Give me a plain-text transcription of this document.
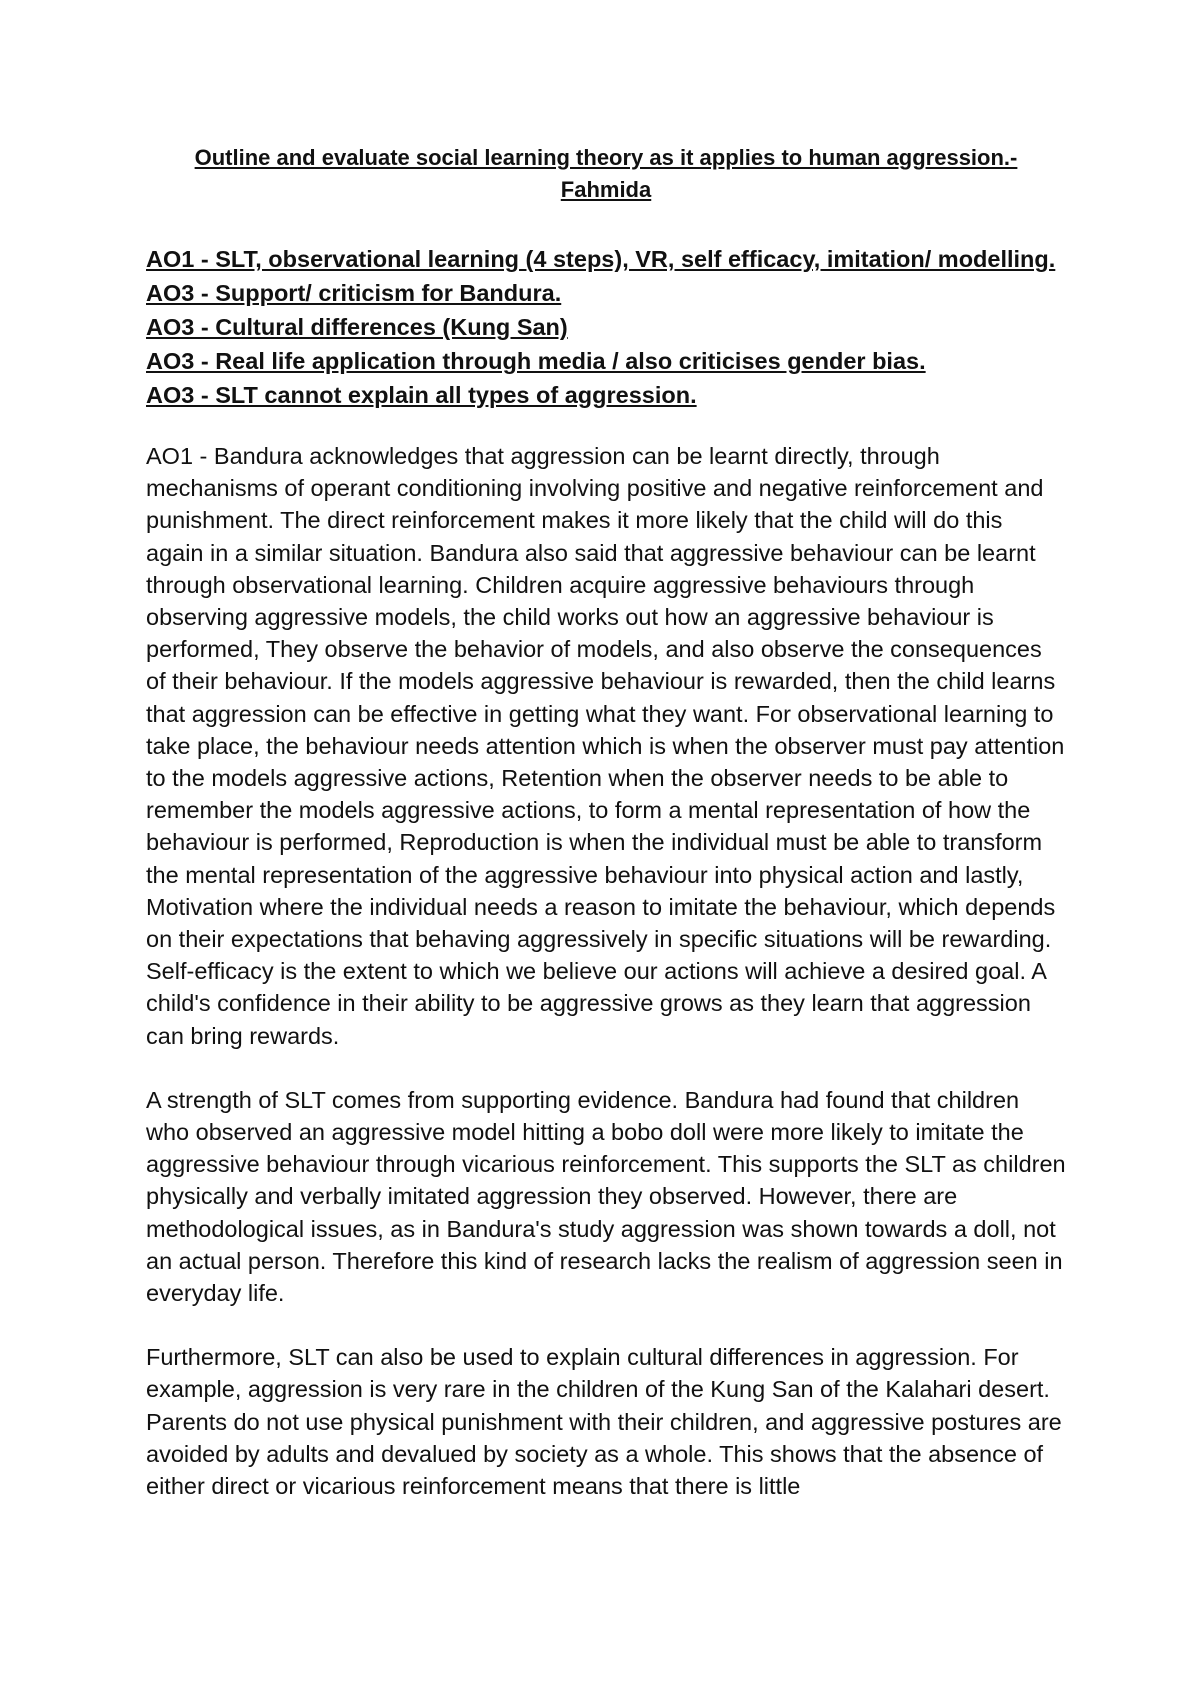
Outline and evaluate social learning theory as it applies to human aggression.-
Fahmida

AO1 - SLT, observational learning (4 steps), VR, self efficacy, imitation/ modelling.
AO3 - Support/ criticism for Bandura.
AO3 - Cultural differences (Kung San)
AO3 - Real life application through media / also criticises gender bias.
AO3 - SLT cannot explain all types of aggression.

AO1 - Bandura acknowledges that aggression can be learnt directly, through mechanisms of operant conditioning involving positive and negative reinforcement and punishment. The direct reinforcement makes it more likely that the child will do this again in a similar situation. Bandura also said that aggressive behaviour can be learnt through observational learning. Children acquire aggressive behaviours through observing aggressive models, the child works out how an aggressive behaviour is performed, They observe the behavior of models, and also observe the consequences of their behaviour. If the models aggressive behaviour is rewarded, then the child learns that aggression can be effective in getting what they want. For observational learning to take place, the behaviour needs attention which is when the observer must pay attention to the models aggressive actions, Retention when the observer needs to be able to remember the models aggressive actions, to form a mental representation of how the behaviour is performed, Reproduction is when the individual must be able to transform the mental representation of the aggressive behaviour into physical action and lastly, Motivation where the individual needs a reason to imitate the behaviour, which depends on their expectations that behaving aggressively in specific situations will be rewarding. Self-efficacy is the extent to which we believe our actions will achieve a desired goal. A child's confidence in their ability to be aggressive grows as they learn that aggression can bring rewards.

A strength of SLT comes from supporting evidence. Bandura had found that children who observed an aggressive model hitting a bobo doll were more likely to imitate the aggressive behaviour through vicarious reinforcement. This supports the SLT as children physically and verbally imitated aggression they observed. However, there are methodological issues, as in Bandura's study aggression was shown towards a doll, not an actual person. Therefore this kind of research lacks the realism of aggression seen in everyday life.

Furthermore, SLT can also be used to explain cultural differences in aggression. For example, aggression is very rare in the children of the Kung San of the Kalahari desert. Parents do not use physical punishment with their children, and aggressive postures are avoided by adults and devalued by society as a whole. This shows that the absence of either direct or vicarious reinforcement means that there is little
